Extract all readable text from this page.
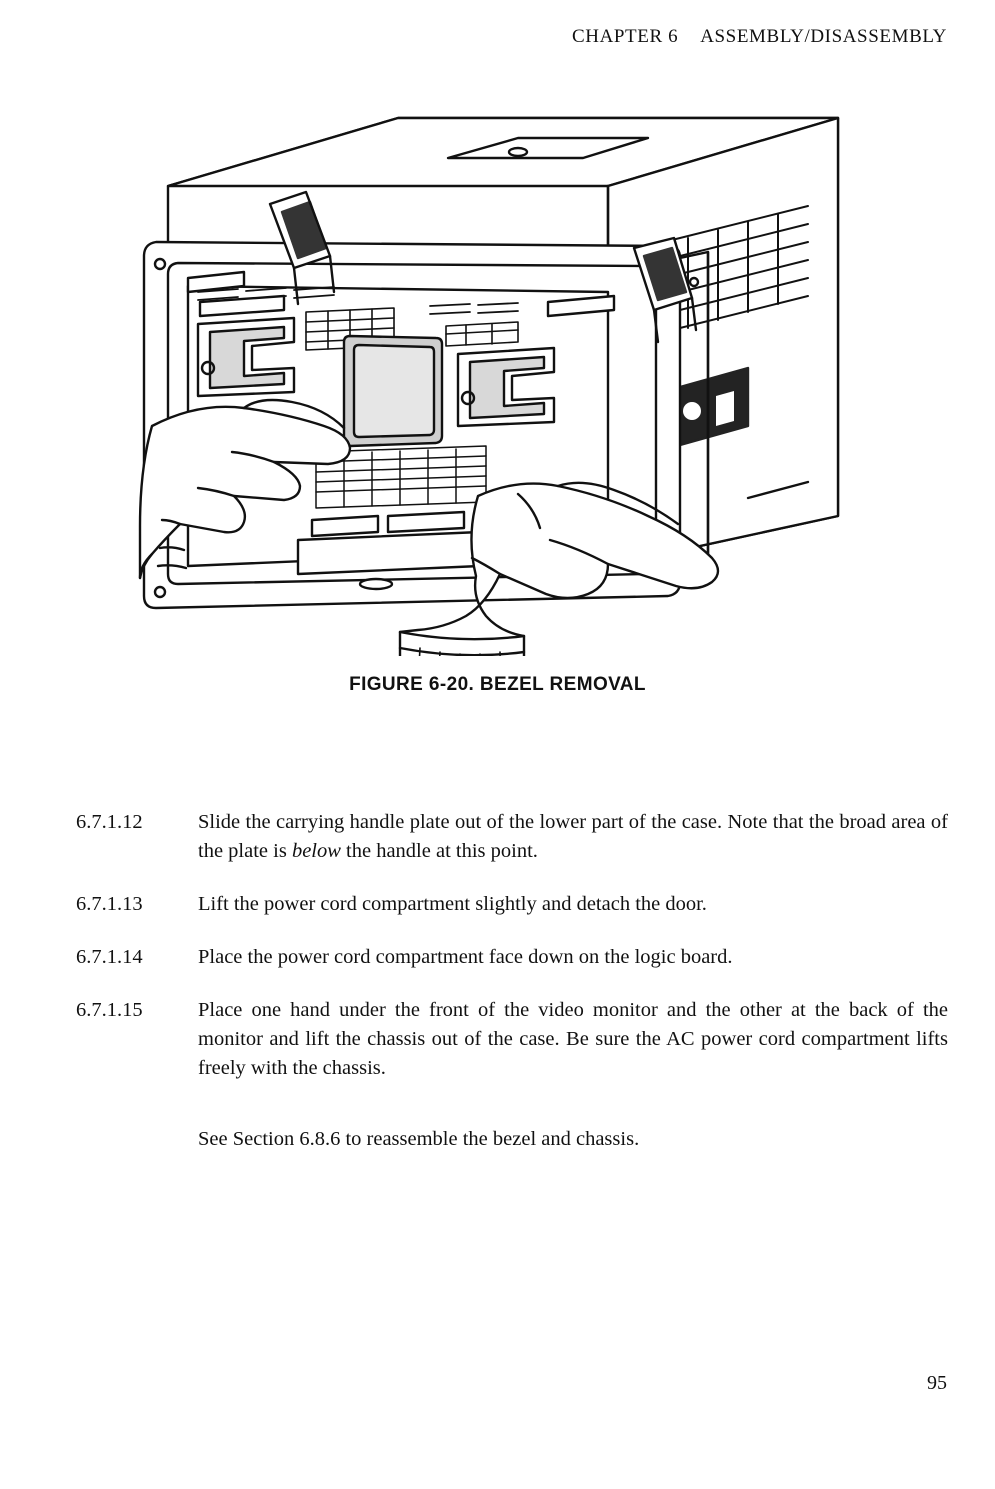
CHAPTER 6 ASSEMBLY/DISASSEMBLY
FIGURE 6-20. BEZEL REMOVAL
6.7.1.12	Slide the carrying handle plate out of the lower part of the case. Note that the broad area of the plate is below the handle at this point.
6.7.1.13	Lift the power cord compartment slightly and detach the door.
6.7.1.14	Place the power cord compartment face down on the logic board.
6.7.1.15	Place one hand under the front of the video monitor and the other at the back of the monitor and lift the chassis out of the case. Be sure the AC power cord compartment lifts freely with the chassis.
See Section 6.8.6 to reassemble the bezel and chassis.
95
